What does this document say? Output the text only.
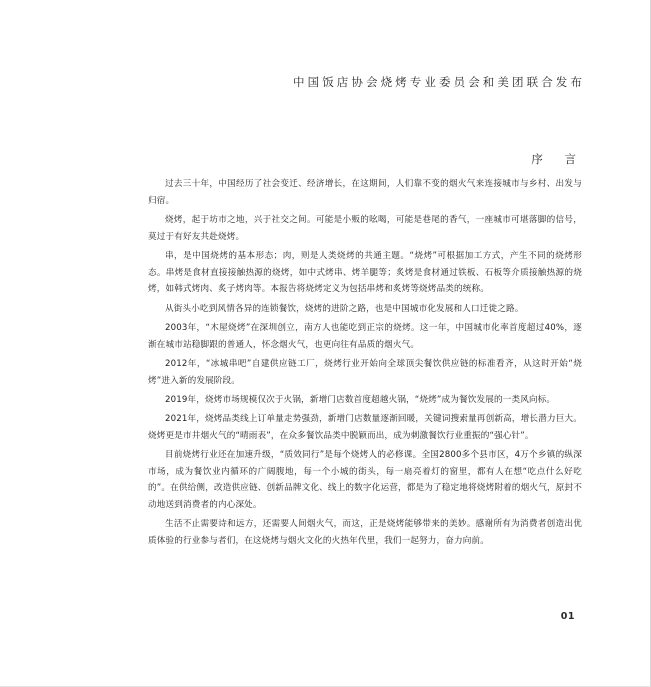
中国饭店协会烧烤专业委员会和美团联合发布
序 言

过去三十年，中国经历了社会变迁、经济增长，在这期间，人们靠不变的烟火气来连接城市与乡村、出发与归宿。

烧烤，起于坊市之地，兴于社交之间。可能是小贩的吆喝，可能是巷尾的香气，一座城市可堪落脚的信号，莫过于有好友共赴烧烤。

串，是中国烧烤的基本形态；肉，则是人类烧烤的共通主题。“烧烤”可根据加工方式，产生不同的烧烤形态。串烤是食材直接接触热源的烧烤，如中式烤串、烤羊腿等；炙烤是食材通过铁板、石板等介质接触热源的烧烤，如韩式烤肉、炙子烤肉等。本报告将烧烤定义为包括串烤和炙烤等烧烤品类的统称。

从街头小吃到风情各异的连锁餐饮，烧烤的进阶之路，也是中国城市化发展和人口迁徙之路。

2003年，“木屋烧烤”在深圳创立，南方人也能吃到正宗的烧烤。这一年，中国城市化率首度超过40%，逐渐在城市站稳脚跟的普通人，怀念烟火气，也更向往有品质的烟火气。

2012年，“冰城串吧”自建供应链工厂，烧烤行业开始向全球顶尖餐饮供应链的标准看齐，从这时开始“烧烤”进入新的发展阶段。

2019年，烧烤市场规模仅次于火锅，新增门店数首度超越火锅，“烧烤”成为餐饮发展的一类风向标。

2021年，烧烤品类线上订单量走势强劲，新增门店数量逐渐回暖，关键词搜索量再创新高，增长潜力巨大。烧烤更是市井烟火气的“晴雨表”，在众多餐饮品类中脱颖而出，成为刺激餐饮行业重振的“强心针”。

目前烧烤行业还在加速升级，“质效同行”是每个烧烤人的必修课。全国2800多个县市区，4万个乡镇的纵深市场，成为餐饮业内循环的广阔腹地，每一个小城的街头，每一扇亮着灯的窗里，都有人在想“吃点什么好吃的”。在供给侧，改造供应链、创新品牌文化、线上的数字化运营，都是为了稳定地将烧烤附着的烟火气，原封不动地送到消费者的内心深处。

生活不止需要诗和远方，还需要人间烟火气，而这，正是烧烤能够带来的美妙。感谢所有为消费者创造出优质体验的行业参与者们，在这烧烤与烟火文化的火热年代里，我们一起努力，奋力向前。

01
